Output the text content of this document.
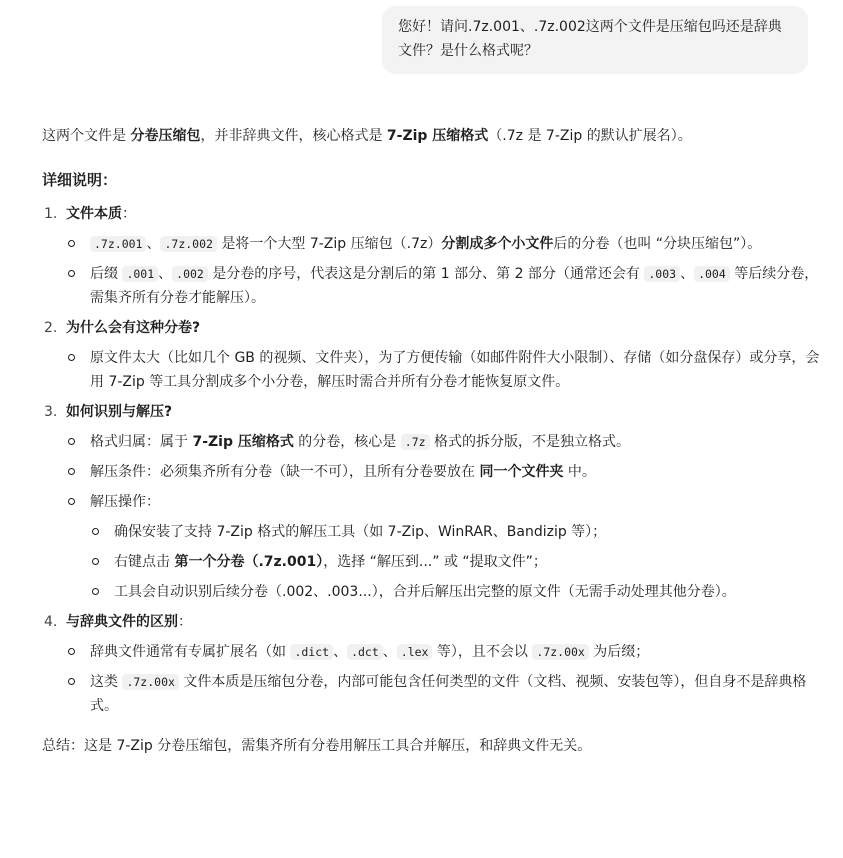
您好！请问.7z.001、.7z.002这两个文件是压缩包吗还是辞典文件？是什么格式呢？

这两个文件是 分卷压缩包，并非辞典文件，核心格式是 7-Zip 压缩格式（.7z 是 7-Zip 的默认扩展名）。

详细说明：
1. 文件本质：
.7z.001 、 .7z.002 是将一个大型 7-Zip 压缩包（.7z）分割成多个小文件后的分卷（也叫 “分块压缩包”）。
后缀 .001 、 .002 是分卷的序号，代表这是分割后的第 1 部分、第 2 部分（通常还会有 .003 、 .004 等后续分卷，需集齐所有分卷才能解压）。
2. 为什么会有这种分卷?
原文件太大（比如几个 GB 的视频、文件夹），为了方便传输（如邮件附件大小限制）、存储（如分盘保存）或分享，会用 7-Zip 等工具分割成多个小分卷，解压时需合并所有分卷才能恢复原文件。
3. 如何识别与解压?
格式归属：属于 7-Zip 压缩格式 的分卷，核心是 .7z 格式的拆分版，不是独立格式。
解压条件：必须集齐所有分卷（缺一不可），且所有分卷要放在 同一个文件夹 中。
解压操作：
确保安装了支持 7-Zip 格式的解压工具（如 7-Zip、WinRAR、Bandizip 等）；
右键点击 第一个分卷（.7z.001），选择 “解压到...” 或 “提取文件”；
工具会自动识别后续分卷（.002、.003...），合并后解压出完整的原文件（无需手动处理其他分卷）。
4. 与辞典文件的区别：
辞典文件通常有专属扩展名（如 .dict 、 .dct 、 .lex 等），且不会以 .7z.00x 为后缀；
这类 .7z.00x 文件本质是压缩包分卷，内部可能包含任何类型的文件（文档、视频、安装包等），但自身不是辞典格式。

总结：这是 7-Zip 分卷压缩包，需集齐所有分卷用解压工具合并解压，和辞典文件无关。
